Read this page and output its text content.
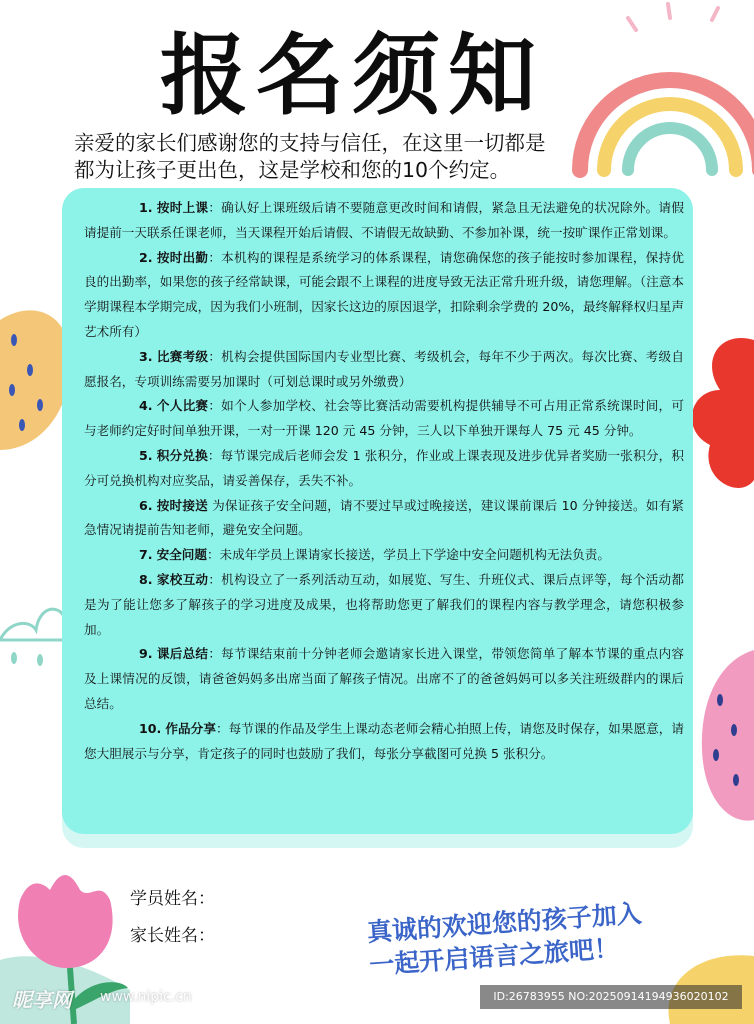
报名须知
亲爱的家长们感谢您的支持与信任，在这里一切都是
都为让孩子更出色，这是学校和您的10个约定。

1. 按时上课：确认好上课班级后请不要随意更改时间和请假，紧急且无法避免的状况除外。请假请提前一天联系任课老师，当天课程开始后请假、不请假无故缺勤、不参加补课，统一按旷课作正常划课。

2. 按时出勤：本机构的课程是系统学习的体系课程，请您确保您的孩子能按时参加课程，保持优良的出勤率，如果您的孩子经常缺课，可能会跟不上课程的进度导致无法正常升班升级，请您理解。（注意本学期课程本学期完成，因为我们小班制，因家长这边的原因退学，扣除剩余学费的 20%，最终解释权归星声艺术所有）

3. 比赛考级：机构会提供国际国内专业型比赛、考级机会，每年不少于两次。每次比赛、考级自愿报名，专项训练需要另加课时（可划总课时或另外缴费）

4. 个人比赛：如个人参加学校、社会等比赛活动需要机构提供辅导不可占用正常系统课时间，可与老师约定好时间单独开课，一对一开课 120 元 45 分钟，三人以下单独开课每人 75 元 45 分钟。

5. 积分兑换：每节课完成后老师会发 1 张积分，作业或上课表现及进步优异者奖励一张积分，积分可兑换机构对应奖品，请妥善保存，丢失不补。

6. 按时接送 为保证孩子安全问题，请不要过早或过晚接送，建议课前课后 10 分钟接送。如有紧急情况请提前告知老师，避免安全问题。

7. 安全问题：未成年学员上课请家长接送，学员上下学途中安全问题机构无法负责。

8. 家校互动：机构设立了一系列活动互动，如展览、写生、升班仪式、课后点评等，每个活动都是为了能让您多了解孩子的学习进度及成果，也将帮助您更了解我们的课程内容与教学理念，请您积极参加。

9. 课后总结：每节课结束前十分钟老师会邀请家长进入课堂，带领您简单了解本节课的重点内容及上课情况的反馈，请爸爸妈妈多出席当面了解孩子情况。出席不了的爸爸妈妈可以多关注班级群内的课后总结。

10. 作品分享：每节课的作品及学生上课动态老师会精心拍照上传，请您及时保存，如果愿意，请您大胆展示与分享，肯定孩子的同时也鼓励了我们，每张分享截图可兑换 5 张积分。

学员姓名：
家长姓名：	真诚的欢迎您的孩子加入
一起开启语言之旅吧！
昵享网 www.nipic.cn	ID:26783955 NO:20250914194936020102
